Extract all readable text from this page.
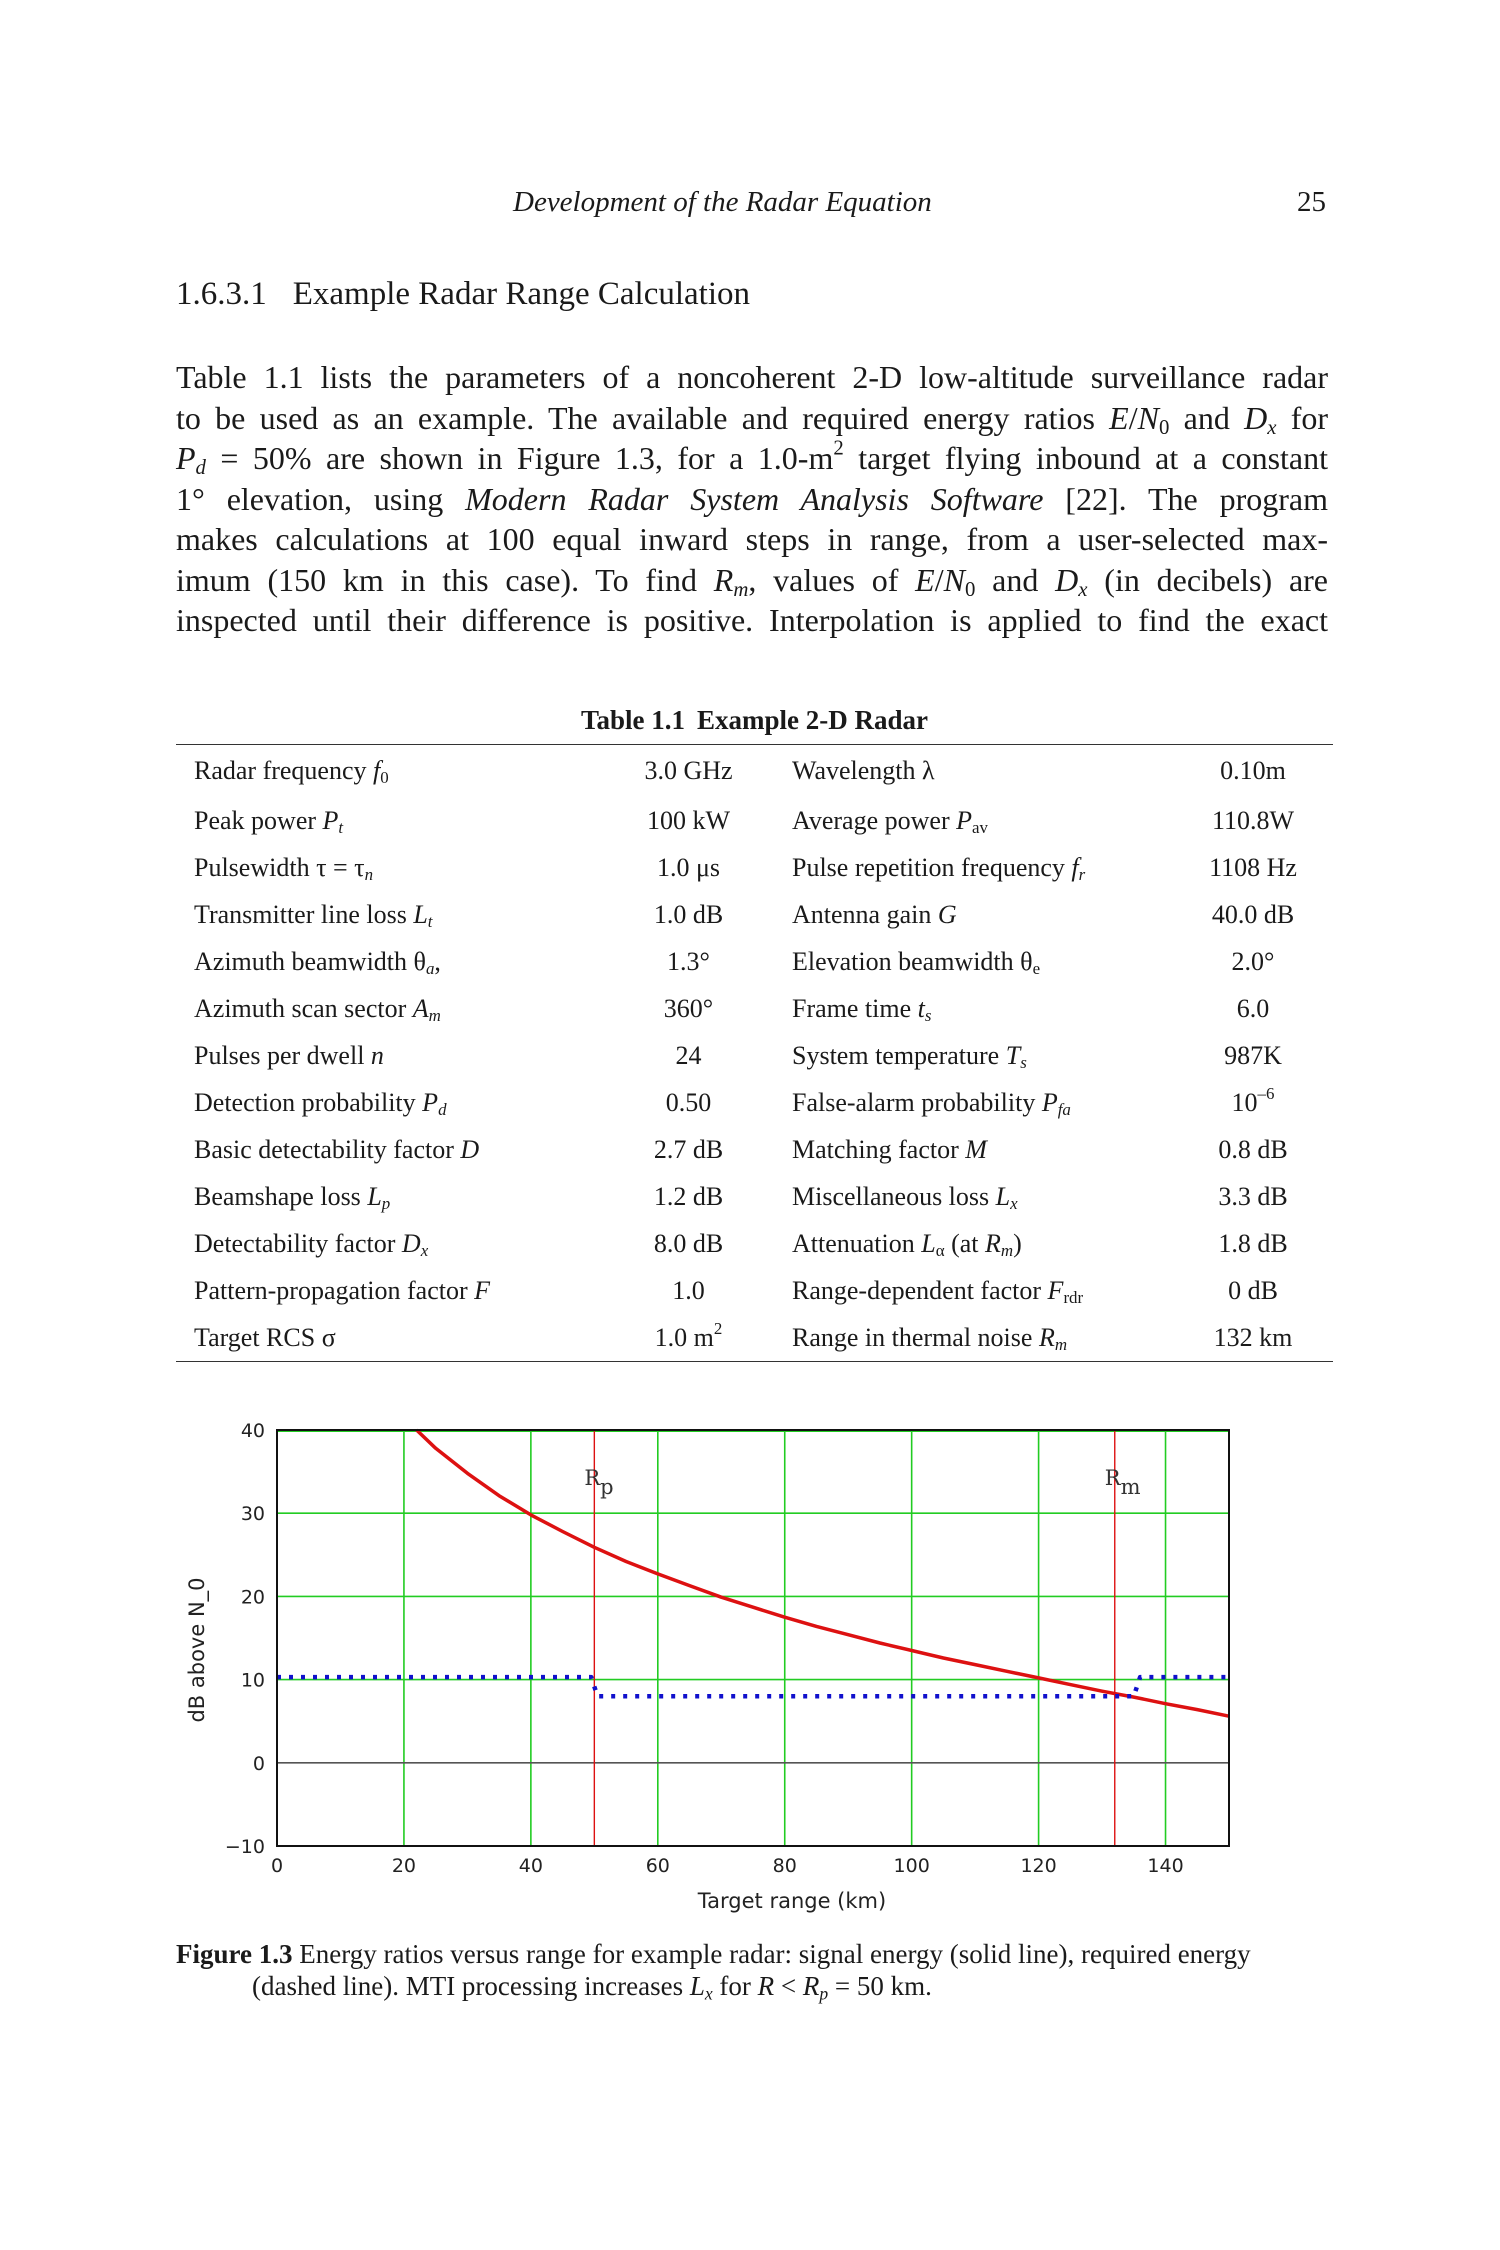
Development of the Radar Equation	25
1.6.3.1 Example Radar Range Calculation

Table 1.1 lists the parameters of a noncoherent 2-D low-altitude surveillance radar

to be used as an example. The available and required energy ratios $E/N_0$ and $D_x$ for

$P_d = 50\%$ are shown in Figure 1.3, for a $1.0-m^2$ target flying inbound at a constant

1° elevation, using Modern Radar System Analysis Software [22]. The program

makes calculations at 100 equal inward steps in range, from a user-selected max-

imum (150 km in this case). To find $R_m$, values of $E/N_0$ and $D_x$ (in decibels) are

inspected until their difference is positive. Interpolation is applied to find the exact

Table 1.1 Example 2-D Radar
Radar frequency $f_0$	3.0 GHz	Wavelength λ	0.10m
Peak power $P_t$	100 kW	Average power $P_{av}$	110.8W
Pulsewidth $\tau = \tau_n$	1.0 μs	Pulse repetition frequency $f_r$	1108 Hz
Transmitter line loss $L_t$	1.0 dB	Antenna gain G	40.0 dB
Azimuth beamwidth $\theta_a$,	1.3°	Elevation beamwidth $\theta_e$	2.0°
Azimuth scan sector $A_m$	360°	Frame time $t_s$	6.0
Pulses per dwell n	24	System temperature $T_s$	987K
Detection probability $P_d$	0.50	False-alarm probability $P_{fa}$	$10^{-6}$
Basic detectability factor D	2.7 dB	Matching factor M	0.8 dB
Beamshape loss $L_p$	1.2 dB	Miscellaneous loss $L_x$	3.3 dB
Detectability factor $D_x$	8.0 dB	Attenuation $L_\alpha$ (at $R_m$)	1.8 dB
Pattern-propagation factor F	1.0	Range-dependent factor $F_{rdr}$	0 dB
Target RCS σ	1.0 $m^2$	Range in thermal noise $R_m$	132 km
Rp	Rm
0	20	40	60	80	100	120	140
−10
0
10
20
30
40
Target range (km)
dB above N_0
Figure 1.3 Energy ratios versus range for example radar: signal energy (solid line), required energy (dashed line). MTI processing increases $L_x$ for $R < R_p = 50$ km.
